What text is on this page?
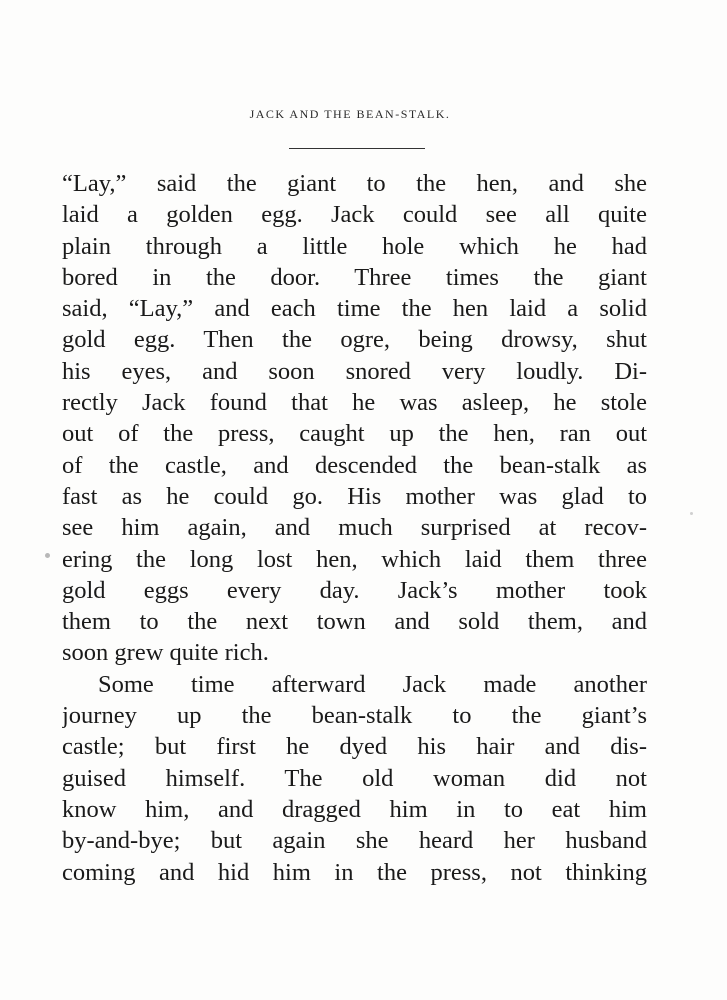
JACK AND THE BEAN-STALK.
“Lay,” said the giant to the hen, and she
laid a golden egg. Jack could see all quite
plain through a little hole which he had
bored in the door. Three times the giant
said, “Lay,” and each time the hen laid a solid
gold egg. Then the ogre, being drowsy, shut
his eyes, and soon snored very loudly. Di-
rectly Jack found that he was asleep, he stole
out of the press, caught up the hen, ran out
of the castle, and descended the bean-stalk as
fast as he could go. His mother was glad to
see him again, and much surprised at recov-
ering the long lost hen, which laid them three
gold eggs every day. Jack’s mother took
them to the next town and sold them, and
soon grew quite rich.
Some time afterward Jack made another
journey up the bean-stalk to the giant’s
castle; but first he dyed his hair and dis-
guised himself. The old woman did not
know him, and dragged him in to eat him
by-and-bye; but again she heard her husband
coming and hid him in the press, not thinking
